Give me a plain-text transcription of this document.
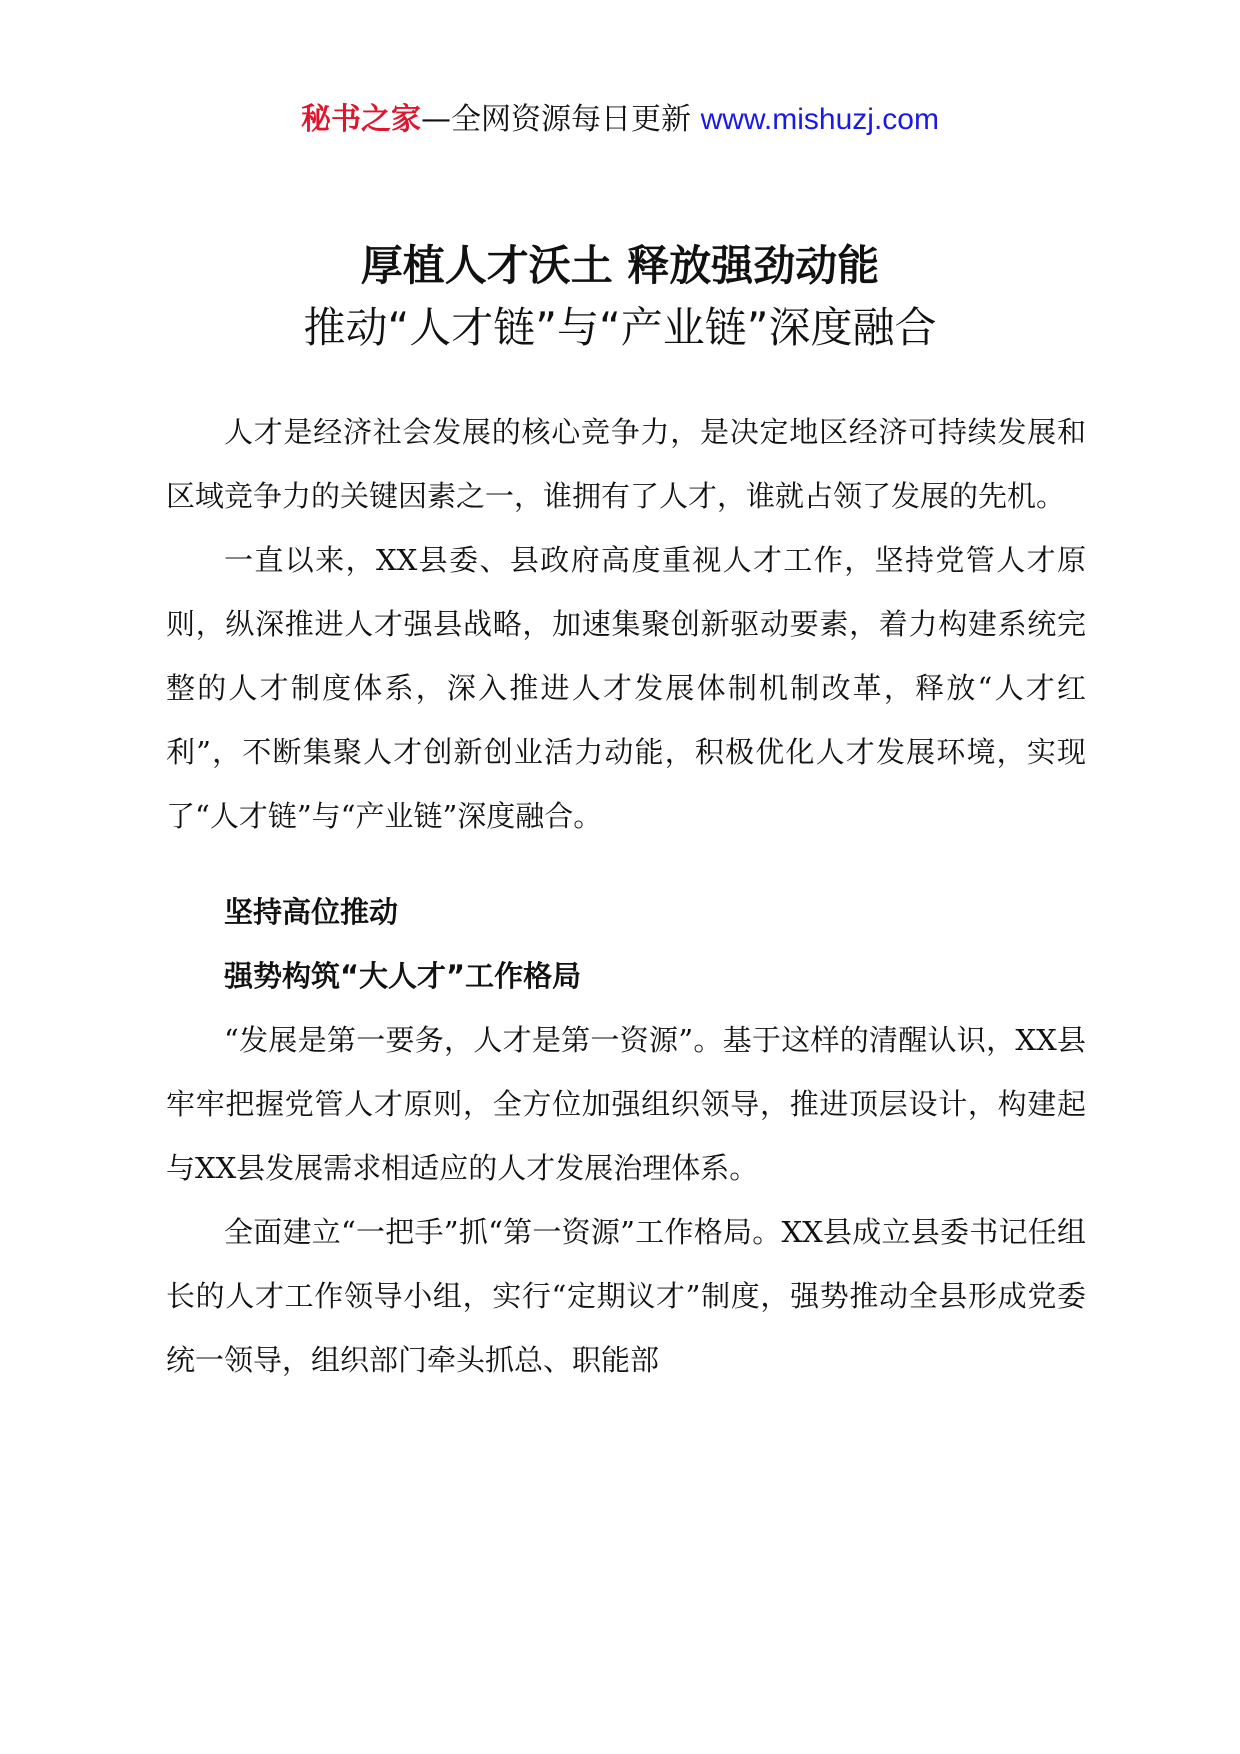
秘书之家—全网资源每日更新 www.mishuzj.com
厚植人才沃土 释放强劲动能
推动“人才链”与“产业链”深度融合

人才是经济社会发展的核心竞争力，是决定地区经济可持续发展和区域竞争力的关键因素之一，谁拥有了人才，谁就占领了发展的先机。

一直以来，XX县委、县政府高度重视人才工作，坚持党管人才原则，纵深推进人才强县战略，加速集聚创新驱动要素，着力构建系统完整的人才制度体系，深入推进人才发展体制机制改革，释放“人才红利”，不断集聚人才创新创业活力动能，积极优化人才发展环境，实现了“人才链”与“产业链”深度融合。

坚持高位推动

强势构筑“大人才”工作格局

“发展是第一要务，人才是第一资源”。基于这样的清醒认识，XX县牢牢把握党管人才原则，全方位加强组织领导，推进顶层设计，构建起与XX县发展需求相适应的人才发展治理体系。

全面建立“一把手”抓“第一资源”工作格局。XX县成立县委书记任组长的人才工作领导小组，实行“定期议才”制度，强势推动全县形成党委统一领导，组织部门牵头抓总、职能部
